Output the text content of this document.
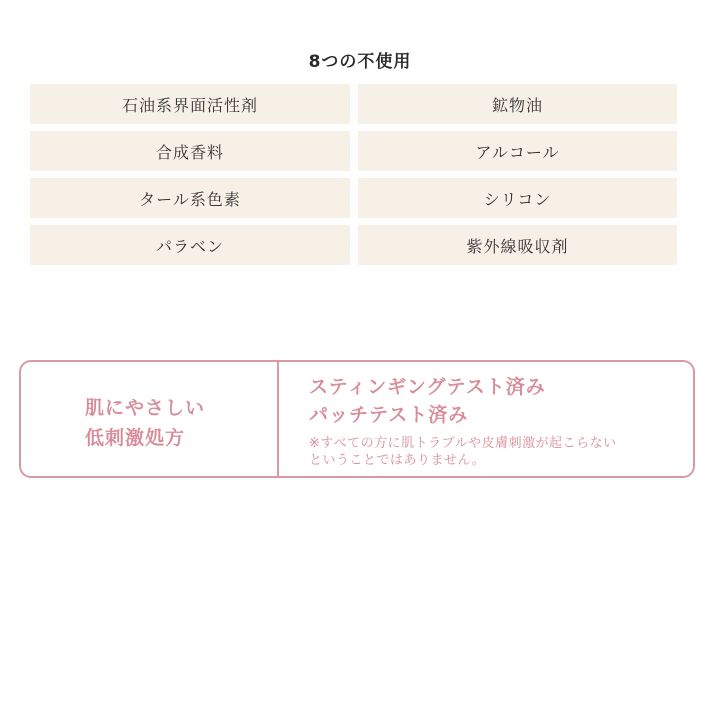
8つの不使用
石油系界面活性剤	鉱物油
合成香料	アルコール
タール系色素	シリコン
パラベン	紫外線吸収剤
肌にやさしい
低刺激処方
スティンギングテスト済み
パッチテスト済み
※すべての方に肌トラブルや皮膚刺激が起こらない
ということではありません。
